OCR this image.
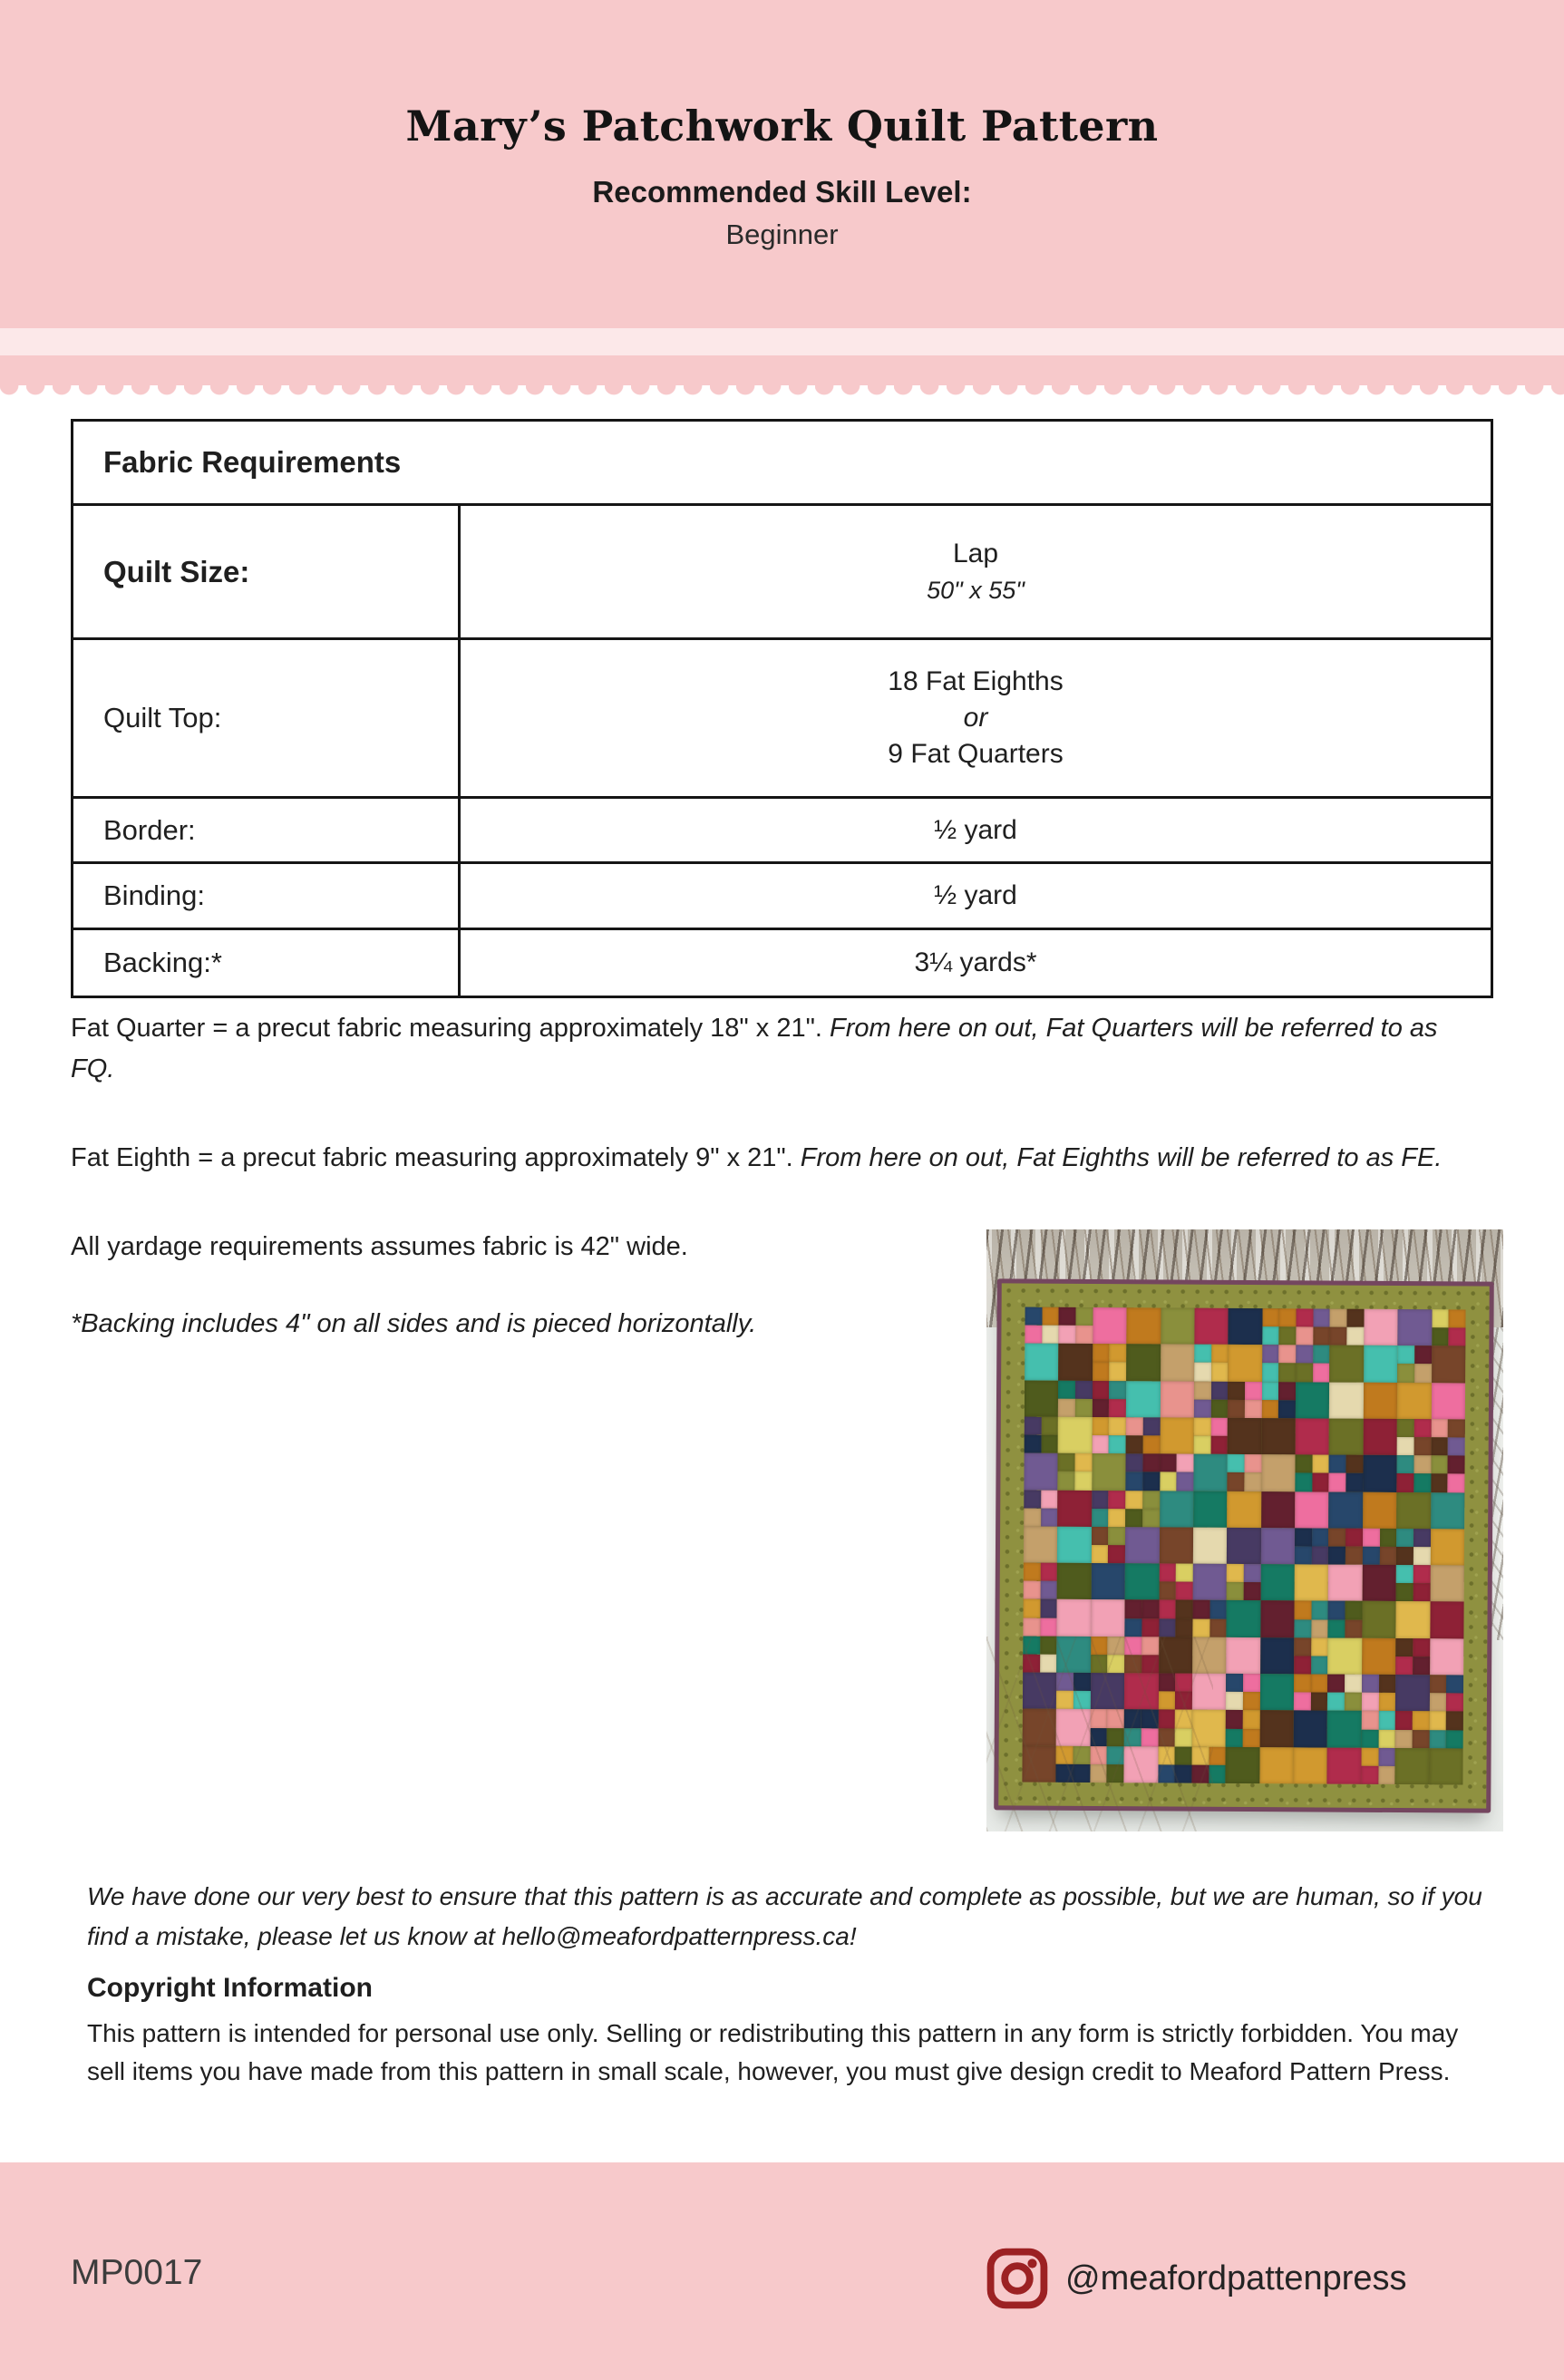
Mary’s Patchwork Quilt Pattern
Recommended Skill Level:
Beginner
Fabric Requirements	
Quilt Size:	Lap
50" x 55"

Quilt Top:	18 Fat Eighths
or
9 Fat Quarters

Border:	½ yard
Binding:	½ yard
Backing:*	3¼ yards*

Fat Quarter = a precut fabric measuring approximately 18" x 21". From here on out, Fat Quarters will be referred to as FQ.

Fat Eighth = a precut fabric measuring approximately 9" x 21". From here on out, Fat Eighths will be referred to as FE.

All yardage requirements assumes fabric is 42" wide.

*Backing includes 4" on all sides and is pieced horizontally.

We have done our very best to ensure that this pattern is as accurate and complete as possible, but we are human, so if you find a mistake, please let us know at hello@meafordpatternpress.ca!

Copyright Information

This pattern is intended for personal use only. Selling or redistributing this pattern in any form is strictly forbidden. You may sell items you have made from this pattern in small scale, however, you must give design credit to Meaford Pattern Press.

MP0017	@meafordpattenpress
